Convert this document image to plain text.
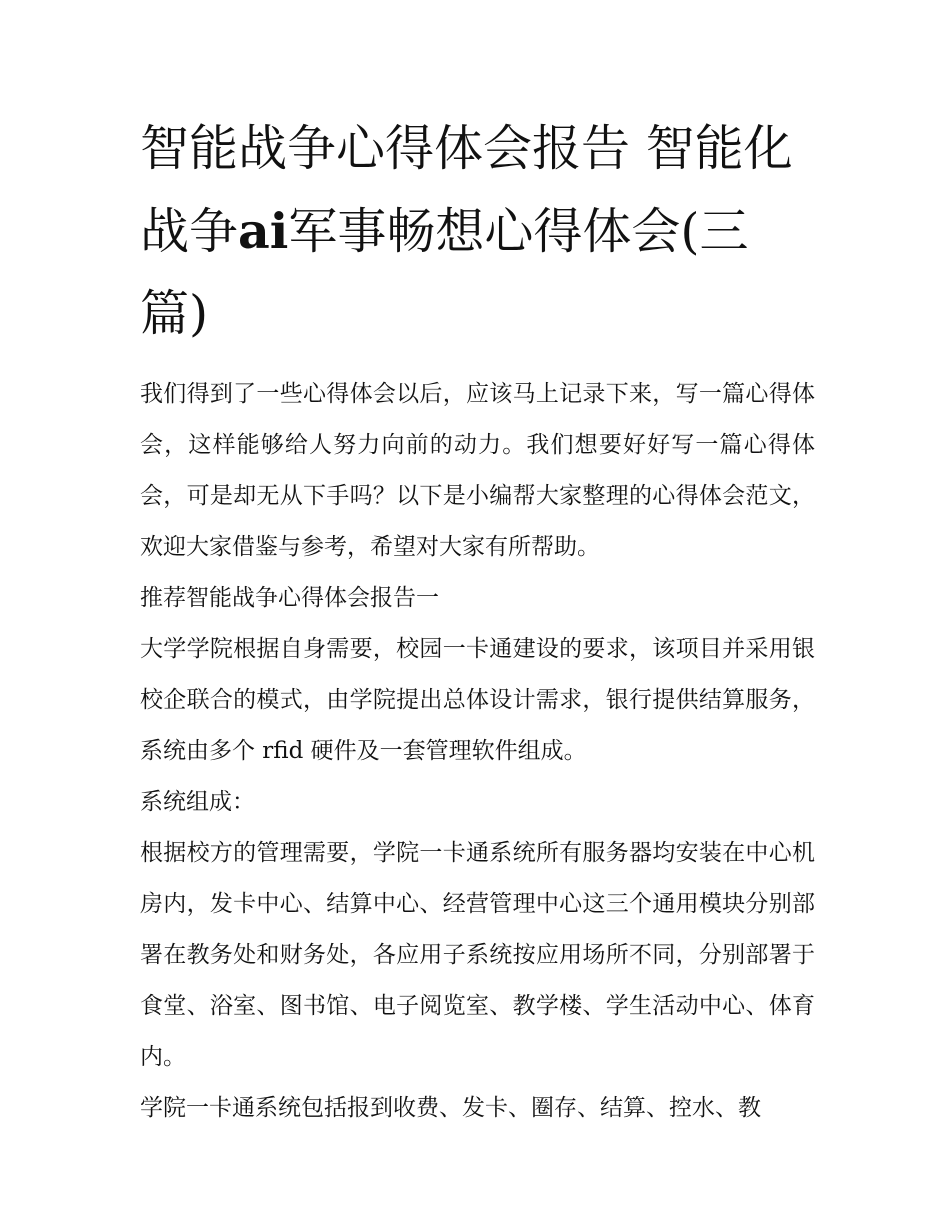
智能战争心得体会报告 智能化战争ai军事畅想心得体会(三篇)

我们得到了一些心得体会以后，应该马上记录下来，写一篇心得体会，这样能够给人努力向前的动力。我们想要好好写一篇心得体会，可是却无从下手吗？以下是小编帮大家整理的心得体会范文，欢迎大家借鉴与参考，希望对大家有所帮助。

推荐智能战争心得体会报告一

大学学院根据自身需要，校园一卡通建设的要求，该项目并采用银校企联合的模式，由学院提出总体设计需求，银行提供结算服务，系统由多个 rfid 硬件及一套管理软件组成。

系统组成：

根据校方的管理需要，学院一卡通系统所有服务器均安装在中心机房内，发卡中心、结算中心、经营管理中心这三个通用模块分别部署在教务处和财务处，各应用子系统按应用场所不同，分别部署于食堂、浴室、图书馆、电子阅览室、教学楼、学生活动中心、体育内。

学院一卡通系统包括报到收费、发卡、圈存、结算、控水、教
